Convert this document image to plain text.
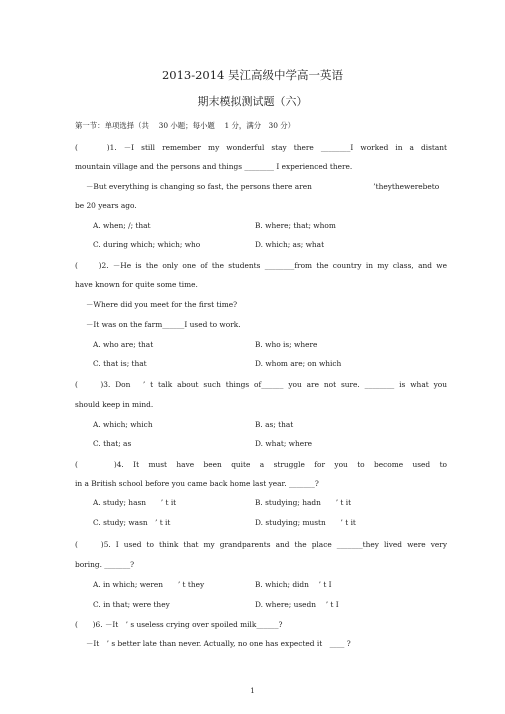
2013-2014 吴江高级中学高一英语
期末模拟测试题（六）
第一节：单项选择（共　 30 小题；每小题　 1 分，满分　30 分）
(　　)1. －I still remember my wonderful stay there ________I worked in a distant
mountain village and the persons and things ________ I experienced there.
－But everything is changing so fast, the persons there aren　　　　　　　　 ’theythewerebeto
be 20 years ago.
A. when; /; that	B. where; that; whom
C. during which; which; who	D. which; as; what
(　　)2. －He is the only one of the students ________from the country in my class, and we
have known for quite some time.
－Where did you meet for the first time?
－It was on the farm______I used to work.
A. who are; that	B. who is; where
C. that is; that	D. whom are; on which
(　　)3. Don　’ t talk about such things of______ you are not sure. ________ is what you
should keep in mind.
A. which; which	B. as; that
C. that; as	D. what; where
(　　)4. It must have been quite a struggle for you to become used to
in a British school before you came back home last year. _______?
A. study; hasn　　’ t it	B. studying; hadn　　’ t it
C. study; wasn　’ t it	D. studying; mustn　　’ t it
(　　)5. I used to think that my grandparents and the place _______they lived were very
boring. _______?
A. in which; weren　　’ t they	B. which; didn　 ’ t I
C. in that; were they	D. where; usedn　 ’ t I
(　　)6. －It　’ s useless crying over spoiled milk______?
－It　’ s better late than never. Actually, no one has expected it　____ ?
1
